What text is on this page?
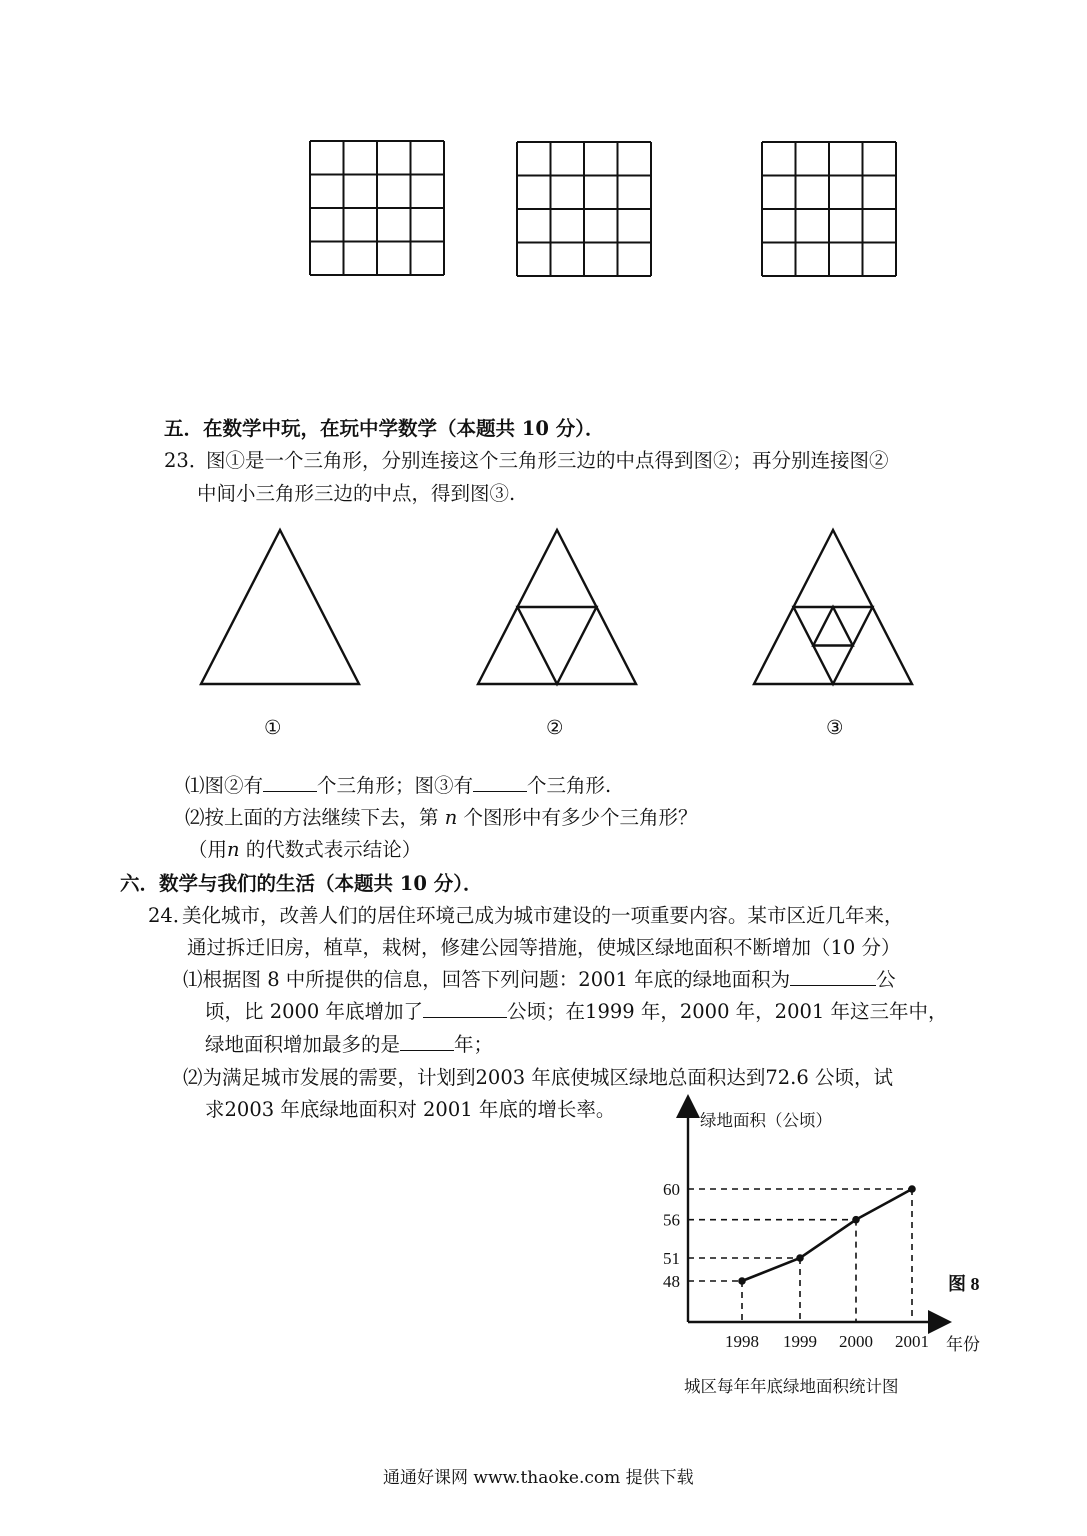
①	②	③
五．在数学中玩，在玩中学数学（本题共 10 分）．
23．
图①是一个三角形，分别连接这个三角形三边的中点得到图②；再分别连接图②
中间小三角形三边的中点，得到图③.
⑴图②有	个三角形；图③有	个三角形.
⑵按上面的方法继续下去，第 n 个图形中有多少个三角形？
（用n 的代数式表示结论）
六．数学与我们的生活（本题共 10 分）．
24．
美化城市，改善人们的居住环境己成为城市建设的一项重要内容。某市区近几年来，
通过拆迁旧房，植草，栽树，修建公园等措施，使城区绿地面积不断增加（10 分）
⑴根据图 8 中所提供的信息，回答下列问题：2001 年底的绿地面积为	公
顷，比 2000 年底增加了	公顷；在1999 年，2000 年，2001 年这三年中，
绿地面积增加最多的是	年；
⑵为满足城市发展的需要，计划到2003 年底使城区绿地总面积达到72.6 公顷，试
求2003 年底绿地面积对 2001 年底的增长率。
48
51
56
60
1998 1999 2000 2001
绿地面积（公顷）
年份
图 8
城区每年年底绿地面积统计图
通通好课网 www.thaoke.com 提供下载
